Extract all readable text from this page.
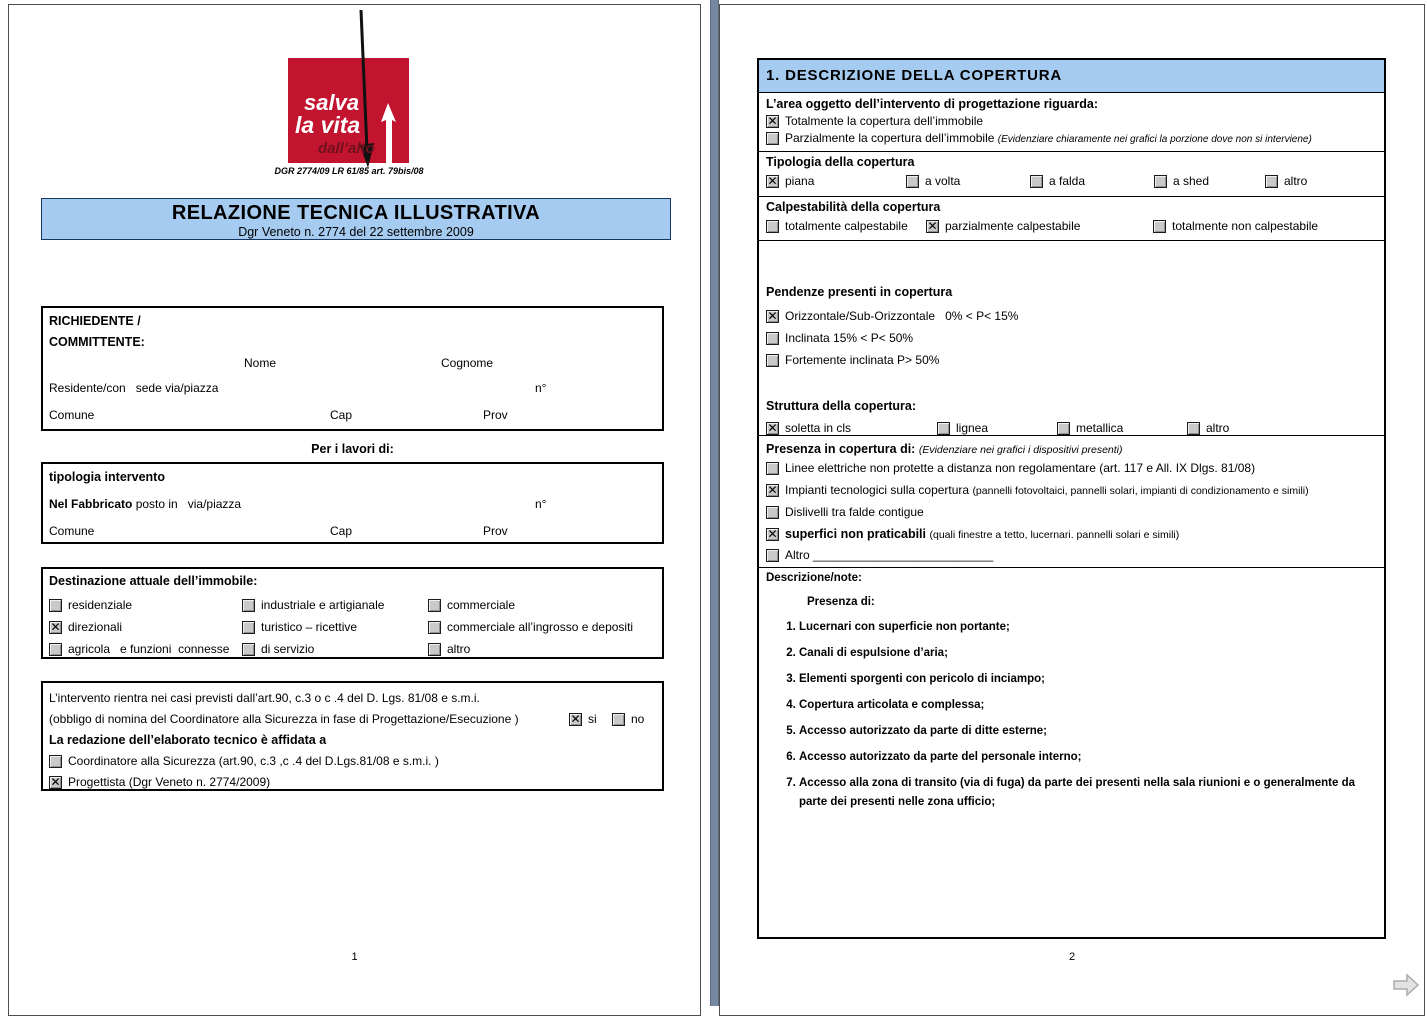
salva
la vita
dall’alto
DGR 2774/09 LR 61/85 art. 79bis/08
RELAZIONE TECNICA ILLUSTRATIVA
Dgr Veneto n. 2774 del 22 settembre 2009
RICHIEDENTE /
COMMITTENTE:
Nome	Cognome
Residente/con   sede via/piazza	n°
Comune	Cap	Prov
Per i lavori di:
tipologia intervento
Nel Fabbricato posto in   via/piazza	n°
Comune	Cap	Prov
Destinazione attuale dell’immobile:
residenziale	industriale e artigianale	commerciale
✕
direzionali	turistico – ricettive	commerciale all’ingrosso e depositi
agricola   e funzioni  connesse	di servizio	altro
L’intervento rientra nei casi previsti dall’art.90, c.3 o c .4 del D. Lgs. 81/08 e s.m.i.
(obbligo di nomina del Coordinatore alla Sicurezza in fase di Progettazione/Esecuzione ) ✕	si	no
La redazione dell’elaborato tecnico è affidata a
Coordinatore alla Sicurezza (art.90, c.3 ,c .4 del D.Lgs.81/08 e s.m.i. )
✕
Progettista (Dgr Veneto n. 2774/2009)
1
1. DESCRIZIONE DELLA COPERTURA
L’area oggetto dell’intervento di progettazione riguarda:
✕
Totalmente la copertura dell’immobile
Parzialmente la copertura dell’immobile (Evidenziare chiaramente nei grafici la porzione dove non si interviene)
Tipologia della copertura
✕
piana	a volta	a falda	a shed	altro
Calpestabilità della copertura
totalmente calpestabile ✕	parzialmente calpestabile	totalmente non calpestabile
Pendenze presenti in copertura
✕
Orizzontale/Sub-Orizzontale   0% < P< 15%
Inclinata 15% < P< 50%
Fortemente inclinata P> 50%
Struttura della copertura:
✕
soletta in cls	lignea	metallica	altro
Presenza in copertura di: (Evidenziare nei grafici i dispositivi presenti)
Linee elettriche non protette a distanza non regolamentare (art. 117 e All. IX Dlgs. 81/08)
✕
Impianti tecnologici sulla copertura (pannelli fotovoltaici, pannelli solari, impianti di condizionamento e simili)
Dislivelli tra falde contigue
✕
superfici non praticabili (quali finestre a tetto, lucernari. pannelli solari e simili)
Altro ___________________________
Descrizione/note:
Presenza di:
1. Lucernari con superficie non portante;
2. Canali di espulsione d’aria;
3. Elementi sporgenti con pericolo di inciampo;
4. Copertura articolata e complessa;
5. Accesso autorizzato da parte di ditte esterne;
6. Accesso autorizzato da parte del personale interno;
7. Accesso alla zona di transito (via di fuga) da parte dei presenti nella sala riunioni e o generalmente da parte dei presenti nelle zona ufficio;
2
